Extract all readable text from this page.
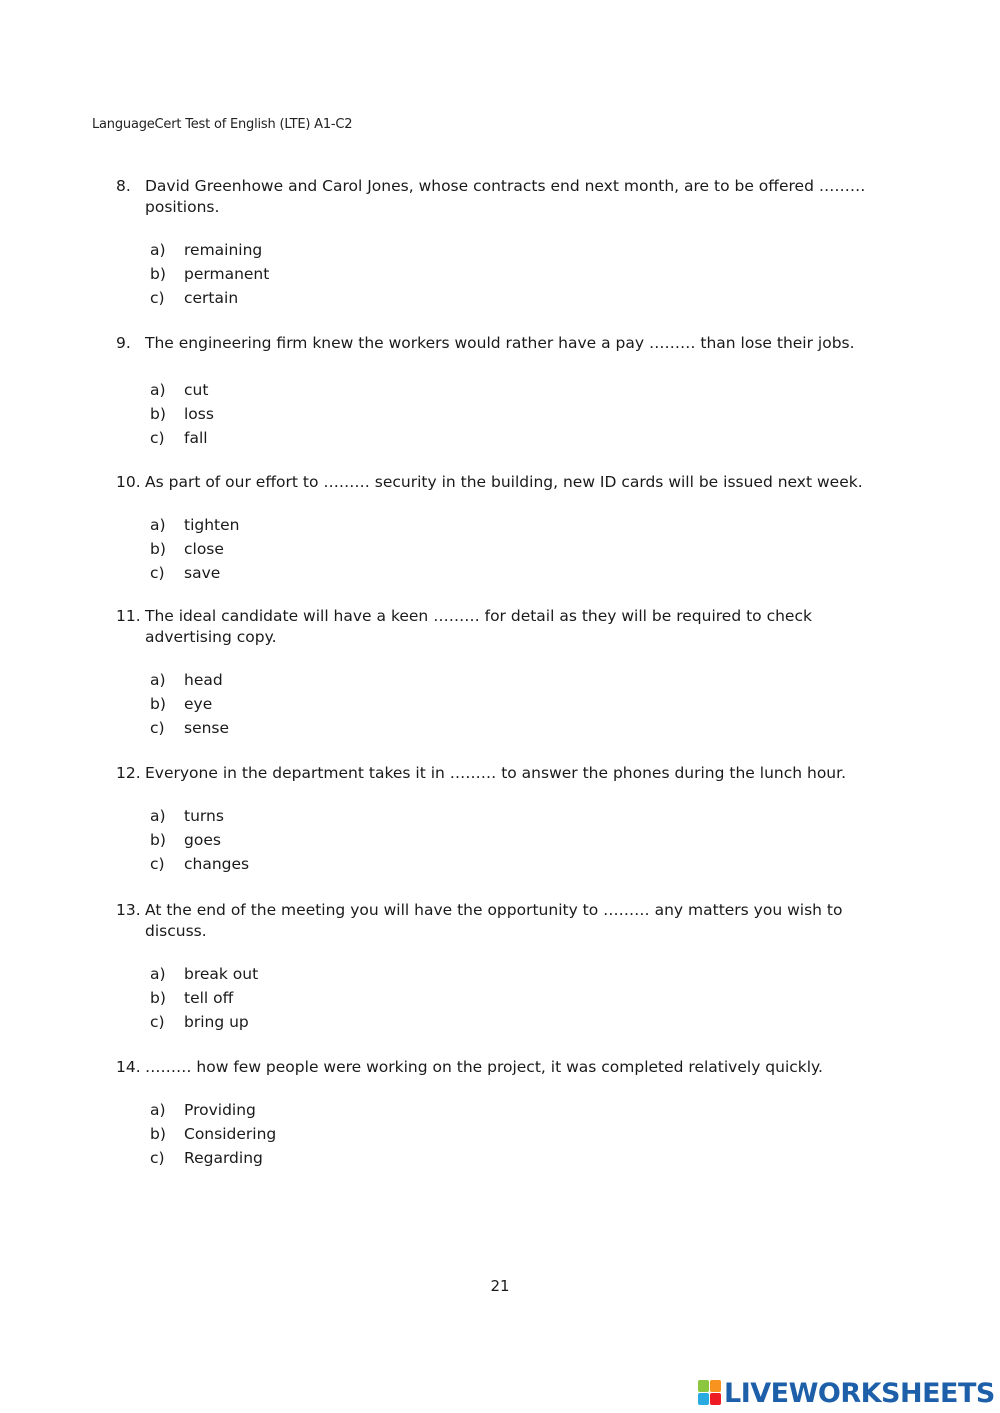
LanguageCert Test of English (LTE) A1-C2
8. David Greenhowe and Carol Jones, whose contracts end next month, are to be offered ……… positions.
a) remaining
b) permanent
c) certain
9. The engineering firm knew the workers would rather have a pay ……… than lose their jobs.
a) cut
b) loss
c) fall
10. As part of our effort to ……… security in the building, new ID cards will be issued next week.
a) tighten
b) close
c) save
11. The ideal candidate will have a keen ……… for detail as they will be required to check advertising copy.
a) head
b) eye
c) sense
12. Everyone in the department takes it in ……… to answer the phones during the lunch hour.
a) turns
b) goes
c) changes
13. At the end of the meeting you will have the opportunity to ……… any matters you wish to discuss.
a) break out
b) tell off
c) bring up
14. ……… how few people were working on the project, it was completed relatively quickly.
a) Providing
b) Considering
c) Regarding
21
LIVEWORKSHEETS
